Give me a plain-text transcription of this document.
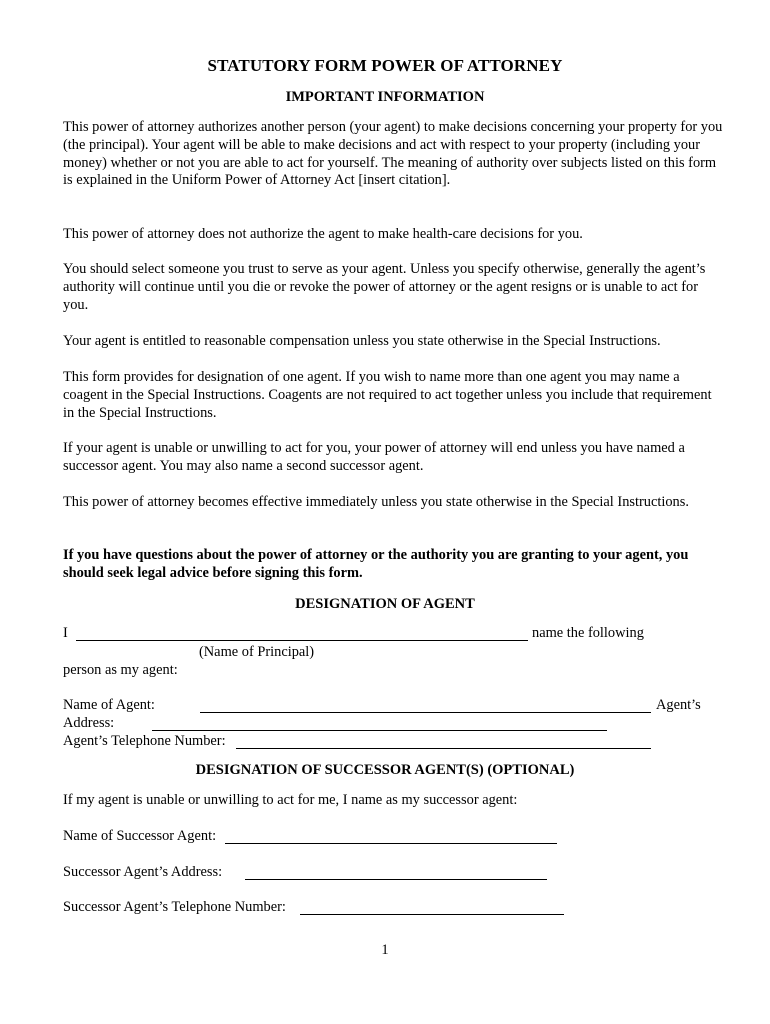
STATUTORY FORM POWER OF ATTORNEY
IMPORTANT INFORMATION
This power of attorney authorizes another person (your agent) to make decisions concerning your property for you (the principal). Your agent will be able to make decisions and act with respect to your property (including your money) whether or not you are able to act for yourself. The meaning of authority over subjects listed on this form is explained in the Uniform Power of Attorney Act [insert citation].
This power of attorney does not authorize the agent to make health-care decisions for you.
You should select someone you trust to serve as your agent. Unless you specify otherwise, generally the agent’s authority will continue until you die or revoke the power of attorney or the agent resigns or is unable to act for you.
Your agent is entitled to reasonable compensation unless you state otherwise in the Special Instructions.
This form provides for designation of one agent. If you wish to name more than one agent you may name a coagent in the Special Instructions. Coagents are not required to act together unless you include that requirement in the Special Instructions.
If your agent is unable or unwilling to act for you, your power of attorney will end unless you have named a successor agent. You may also name a second successor agent.
This power of attorney becomes effective immediately unless you state otherwise in the Special Instructions.
If you have questions about the power of attorney or the authority you are granting to your agent, you should seek legal advice before signing this form.
DESIGNATION OF AGENT
I	name the following
(Name of Principal)
person as my agent:
Name of Agent:	Agent’s
Address:
Agent’s Telephone Number:
DESIGNATION OF SUCCESSOR AGENT(S) (OPTIONAL)
If my agent is unable or unwilling to act for me, I name as my successor agent:
Name of Successor Agent:
Successor Agent’s Address:
Successor Agent’s Telephone Number:
1
